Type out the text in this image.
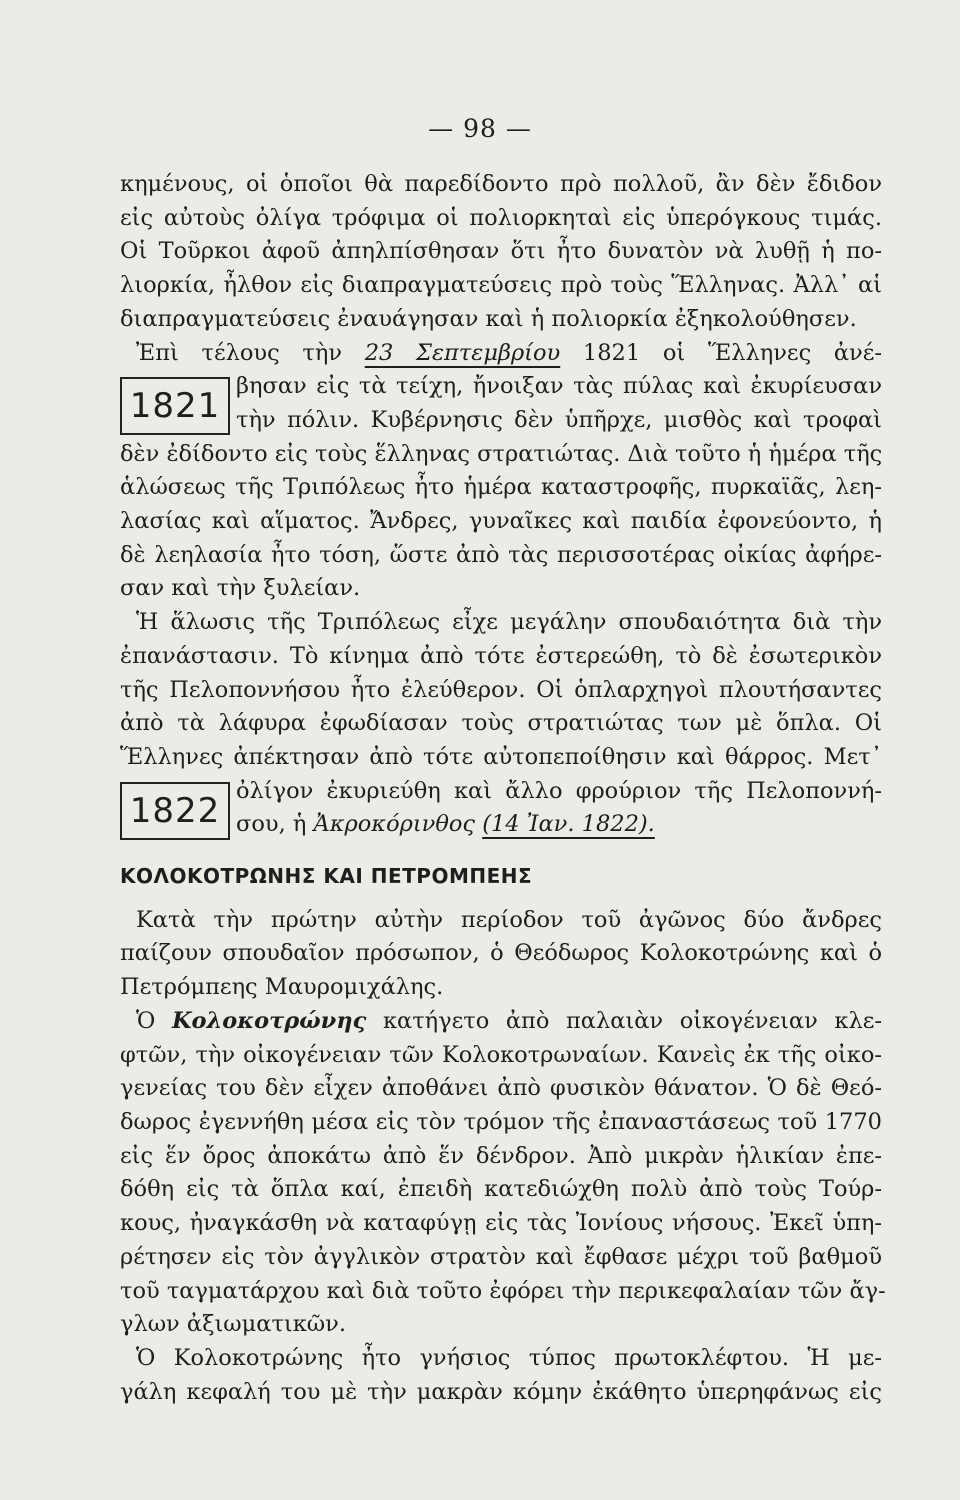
— 98 —

κημένους, οἱ ὁποῖοι θὰ παρεδίδοντο πρὸ πολλοῦ, ἂν δὲν ἔδιδον
εἰς αὐτοὺς ὀλίγα τρόφιμα οἱ πολιορκηταὶ εἰς ὑπερόγκους τιμάς.
Οἱ Τοῦρκοι ἀφοῦ ἀπηλπίσθησαν ὅτι ἦτο δυνατὸν νὰ λυθῇ ἡ πο-
λιορκία, ἦλθον εἰς διαπραγματεύσεις πρὸ τοὺς Ἕλληνας. Ἀλλ᾽ αἱ
διαπραγματεύσεις ἐναυάγησαν καὶ ἡ πολιορκία ἐξηκολούθησεν.

Ἐπὶ τέλους τὴν 23 Σεπτεμβρίου 1821 οἱ Ἕλληνες ἀνέ-
1821 βησαν εἰς τὰ τείχη, ἤνοιξαν τὰς πύλας καὶ ἐκυρίευσαν
τὴν πόλιν. Κυβέρνησις δὲν ὑπῆρχε, μισθὸς καὶ τροφαὶ
δὲν ἐδίδοντο εἰς τοὺς ἕλληνας στρατιώτας. Διὰ τοῦτο ἡ ἡμέρα τῆς
ἁλώσεως τῆς Τριπόλεως ἦτο ἡμέρα καταστροφῆς, πυρκαϊᾶς, λεη-
λασίας καὶ αἵματος. Ἄνδρες, γυναῖκες καὶ παιδία ἐφονεύοντο, ἡ
δὲ λεηλασία ἦτο τόση, ὥστε ἀπὸ τὰς περισσοτέρας οἰκίας ἀφήρε-
σαν καὶ τὴν ξυλείαν.

Ἡ ἅλωσις τῆς Τριπόλεως εἶχε μεγάλην σπουδαιότητα διὰ τὴν
ἐπανάστασιν. Τὸ κίνημα ἀπὸ τότε ἐστερεώθη, τὸ δὲ ἐσωτερικὸν
τῆς Πελοποννήσου ἦτο ἐλεύθερον. Οἱ ὁπλαρχηγοὶ πλουτήσαντες
ἀπὸ τὰ λάφυρα ἐφωδίασαν τοὺς στρατιώτας των μὲ ὅπλα. Οἱ
Ἕλληνες ἀπέκτησαν ἀπὸ τότε αὐτοπεποίθησιν καὶ θάρρος. Μετ᾽
1822 ὀλίγον ἐκυριεύθη καὶ ἄλλο φρούριον τῆς Πελοποννή-
σου, ἡ Ἀκροκόρινθος (14 Ἰαν. 1822).

ΚΟΛΟΚΟΤΡΩΝΗΣ ΚΑΙ ΠΕΤΡΟΜΠΕΗΣ

Κατὰ τὴν πρώτην αὐτὴν περίοδον τοῦ ἀγῶνος δύο ἄνδρες
παίζουν σπουδαῖον πρόσωπον, ὁ Θεόδωρος Κολοκοτρώνης καὶ ὁ
Πετρόμπεης Μαυρομιχάλης.

Ὁ Κολοκοτρώνης κατήγετο ἀπὸ παλαιὰν οἰκογένειαν κλε-
φτῶν, τὴν οἰκογένειαν τῶν Κολοκοτρωναίων. Κανεὶς ἐκ τῆς οἰκο-
γενείας του δὲν εἶχεν ἀποθάνει ἀπὸ φυσικὸν θάνατον. Ὁ δὲ Θεό-
δωρος ἐγεννήθη μέσα εἰς τὸν τρόμον τῆς ἐπαναστάσεως τοῦ 1770
εἰς ἕν ὄρος ἀποκάτω ἀπὸ ἕν δένδρον. Ἀπὸ μικρὰν ἡλικίαν ἐπε-
δόθη εἰς τὰ ὅπλα καί, ἐπειδὴ κατεδιώχθη πολὺ ἀπὸ τοὺς Τούρ-
κους, ἠναγκάσθη νὰ καταφύγῃ εἰς τὰς Ἰονίους νήσους. Ἐκεῖ ὑπη-
ρέτησεν εἰς τὸν ἀγγλικὸν στρατὸν καὶ ἔφθασε μέχρι τοῦ βαθμοῦ
τοῦ ταγματάρχου καὶ διὰ τοῦτο ἐφόρει τὴν περικεφαλαίαν τῶν ἄγ-
γλων ἀξιωματικῶν.

Ὁ Κολοκοτρώνης ἦτο γνήσιος τύπος πρωτοκλέφτου. Ἡ με-
γάλη κεφαλή του μὲ τὴν μακρὰν κόμην ἐκάθητο ὑπερηφάνως εἰς
